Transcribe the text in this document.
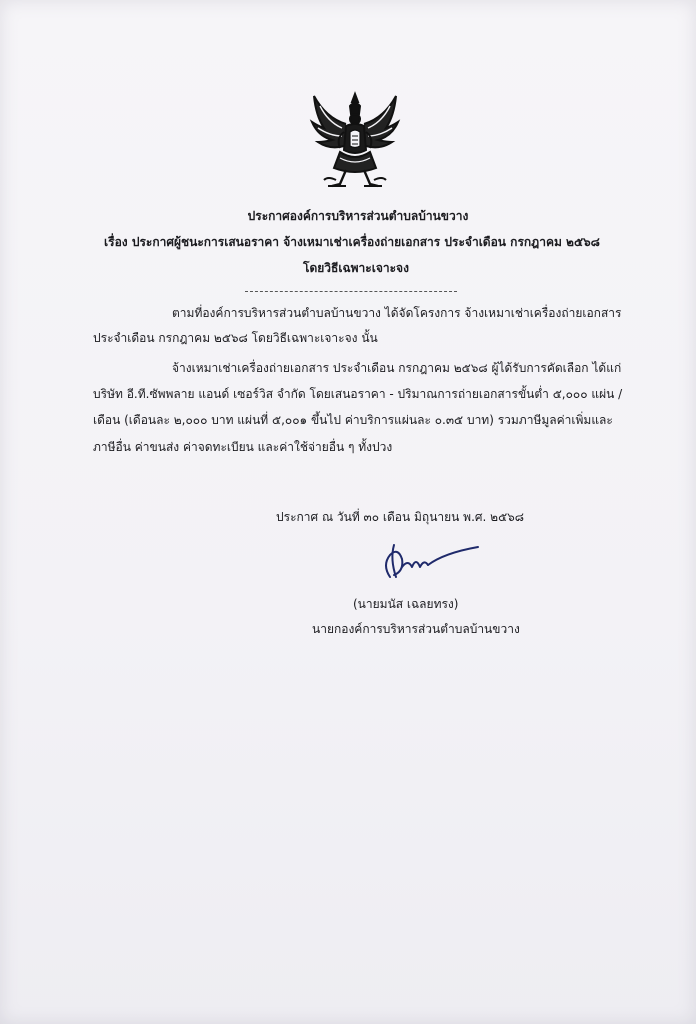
ประกาศองค์การบริหารส่วนตำบลบ้านขวาง
เรื่อง ประกาศผู้ชนะการเสนอราคา จ้างเหมาเช่าเครื่องถ่ายเอกสาร ประจำเดือน กรกฎาคม ๒๕๖๘
โดยวิธีเฉพาะเจาะจง
ตามที่องค์การบริหารส่วนตำบลบ้านขวาง ได้จัดโครงการ จ้างเหมาเช่าเครื่องถ่ายเอกสาร
ประจำเดือน กรกฎาคม ๒๕๖๘ โดยวิธีเฉพาะเจาะจง นั้น
จ้างเหมาเช่าเครื่องถ่ายเอกสาร ประจำเดือน กรกฎาคม ๒๕๖๘ ผู้ได้รับการคัดเลือก ได้แก่
บริษัท อี.ที.ซัพพลาย แอนด์ เซอร์วิส จำกัด โดยเสนอราคา - ปริมาณการถ่ายเอกสารขั้นต่ำ ๕,๐๐๐ แผ่น /
เดือน (เดือนละ ๒,๐๐๐ บาท แผ่นที่ ๕,๐๐๑ ขึ้นไป ค่าบริการแผ่นละ ๐.๓๕ บาท) รวมภาษีมูลค่าเพิ่มและ
ภาษีอื่น ค่าขนส่ง ค่าจดทะเบียน และค่าใช้จ่ายอื่น ๆ ทั้งปวง
ประกาศ ณ วันที่ ๓๐ เดือน มิถุนายน พ.ศ. ๒๕๖๘
(นายมนัส เฉลยทรง)
นายกองค์การบริหารส่วนตำบลบ้านขวาง
